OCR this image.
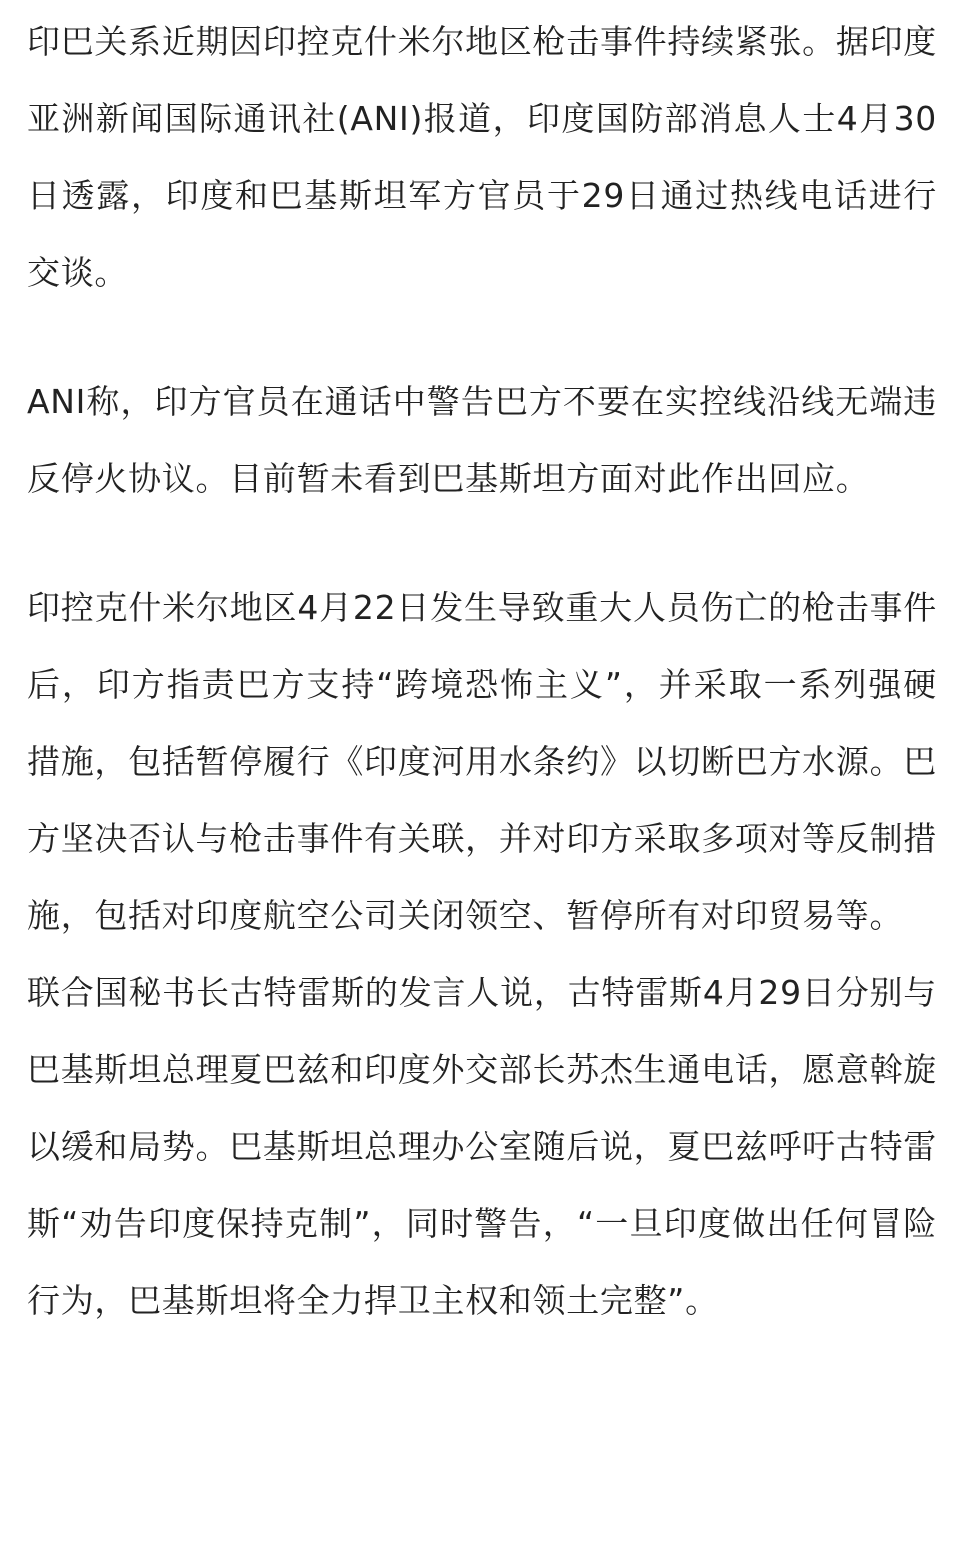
印巴关系近期因印控克什米尔地区枪击事件持续紧张。据印度亚洲新闻国际通讯社(ANI)报道，印度国防部消息人士4月30日透露，印度和巴基斯坦军方官员于29日通过热线电话进行交谈。

ANI称，印方官员在通话中警告巴方不要在实控线沿线无端违反停火协议。目前暂未看到巴基斯坦方面对此作出回应。

印控克什米尔地区4月22日发生导致重大人员伤亡的枪击事件后，印方指责巴方支持“跨境恐怖主义”，并采取一系列强硬措施，包括暂停履行《印度河用水条约》以切断巴方水源。巴方坚决否认与枪击事件有关联，并对印方采取多项对等反制措施，包括对印度航空公司关闭领空、暂停所有对印贸易等。

联合国秘书长古特雷斯的发言人说，古特雷斯4月29日分别与巴基斯坦总理夏巴兹和印度外交部长苏杰生通电话，愿意斡旋以缓和局势。巴基斯坦总理办公室随后说，夏巴兹呼吁古特雷斯“劝告印度保持克制”，同时警告，“一旦印度做出任何冒险行为，巴基斯坦将全力捍卫主权和领土完整”。
